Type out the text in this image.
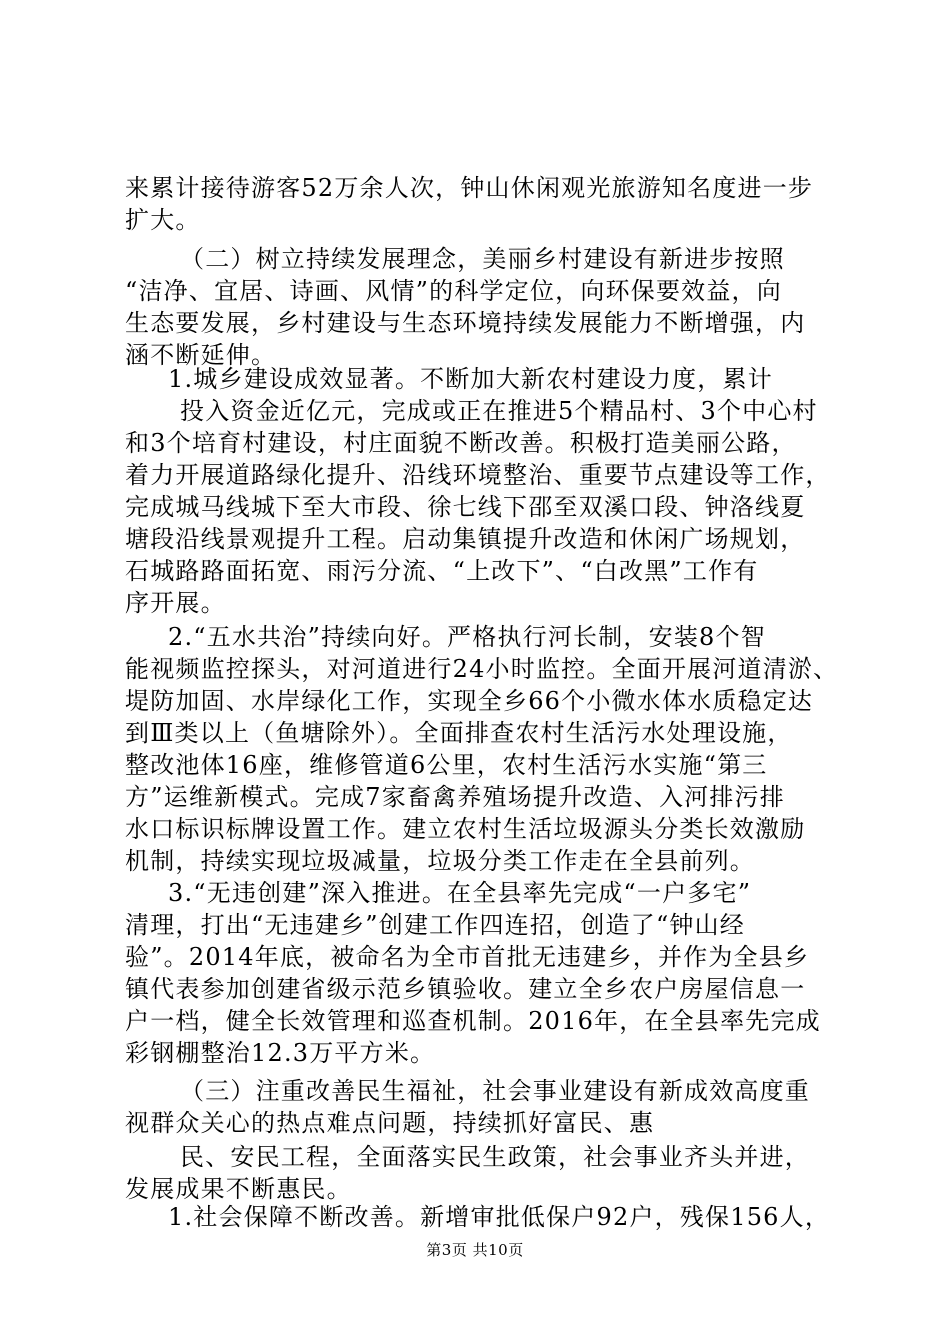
来累计接待游客52万余人次，钟山休闲观光旅游知名度进一步
扩大。
（二）树立持续发展理念，美丽乡村建设有新进步按照
“洁净、宜居、诗画、风情”的科学定位，向环保要效益，向
生态要发展，乡村建设与生态环境持续发展能力不断增强，内
涵不断延伸。
1.城乡建设成效显著。不断加大新农村建设力度，累计
投入资金近亿元，完成或正在推进5个精品村、3个中心村
和3个培育村建设，村庄面貌不断改善。积极打造美丽公路，
着力开展道路绿化提升、沿线环境整治、重要节点建设等工作，
完成城马线城下至大市段、徐七线下邵至双溪口段、钟洛线夏
塘段沿线景观提升工程。启动集镇提升改造和休闲广场规划，
石城路路面拓宽、雨污分流、“上改下”、“白改黑”工作有
序开展。
2.“五水共治”持续向好。严格执行河长制，安装8个智
能视频监控探头，对河道进行24小时监控。全面开展河道清淤、
堤防加固、水岸绿化工作，实现全乡66个小微水体水质稳定达
到Ⅲ类以上（鱼塘除外）。全面排查农村生活污水处理设施，
整改池体16座，维修管道6公里，农村生活污水实施“第三
方”运维新模式。完成7家畜禽养殖场提升改造、入河排污排
水口标识标牌设置工作。建立农村生活垃圾源头分类长效激励
机制，持续实现垃圾减量，垃圾分类工作走在全县前列。
3.“无违创建”深入推进。在全县率先完成“一户多宅”
清理，打出“无违建乡”创建工作四连招，创造了“钟山经
验”。2014年底，被命名为全市首批无违建乡，并作为全县乡
镇代表参加创建省级示范乡镇验收。建立全乡农户房屋信息一
户一档，健全长效管理和巡查机制。2016年，在全县率先完成
彩钢棚整治12.3万平方米。
（三）注重改善民生福祉，社会事业建设有新成效高度重
视群众关心的热点难点问题，持续抓好富民、惠
民、安民工程，全面落实民生政策，社会事业齐头并进，
发展成果不断惠民。
1.社会保障不断改善。新增审批低保户92户，残保156人，
第3页 共10页
